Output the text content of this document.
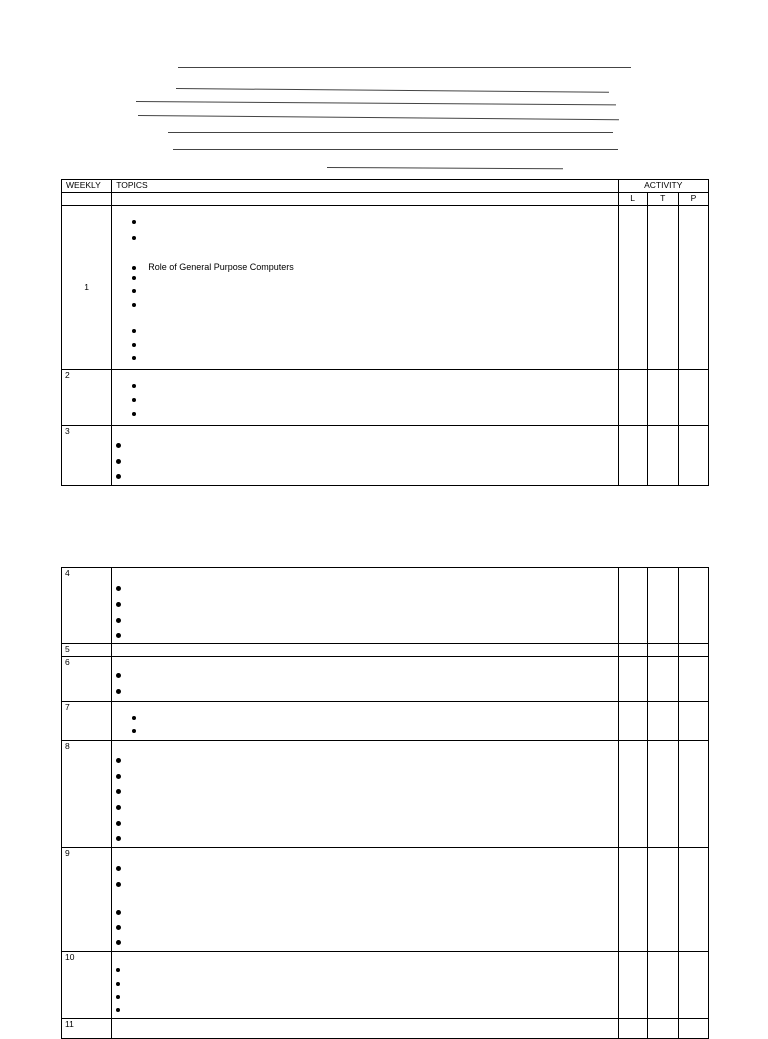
WEEKLY	TOPICS	ACTIVITY		
		L	T	P
1	Role of General Purpose Computers			

2	

3	

4	

5				
6	

7	

8	

9	

10	

11				
